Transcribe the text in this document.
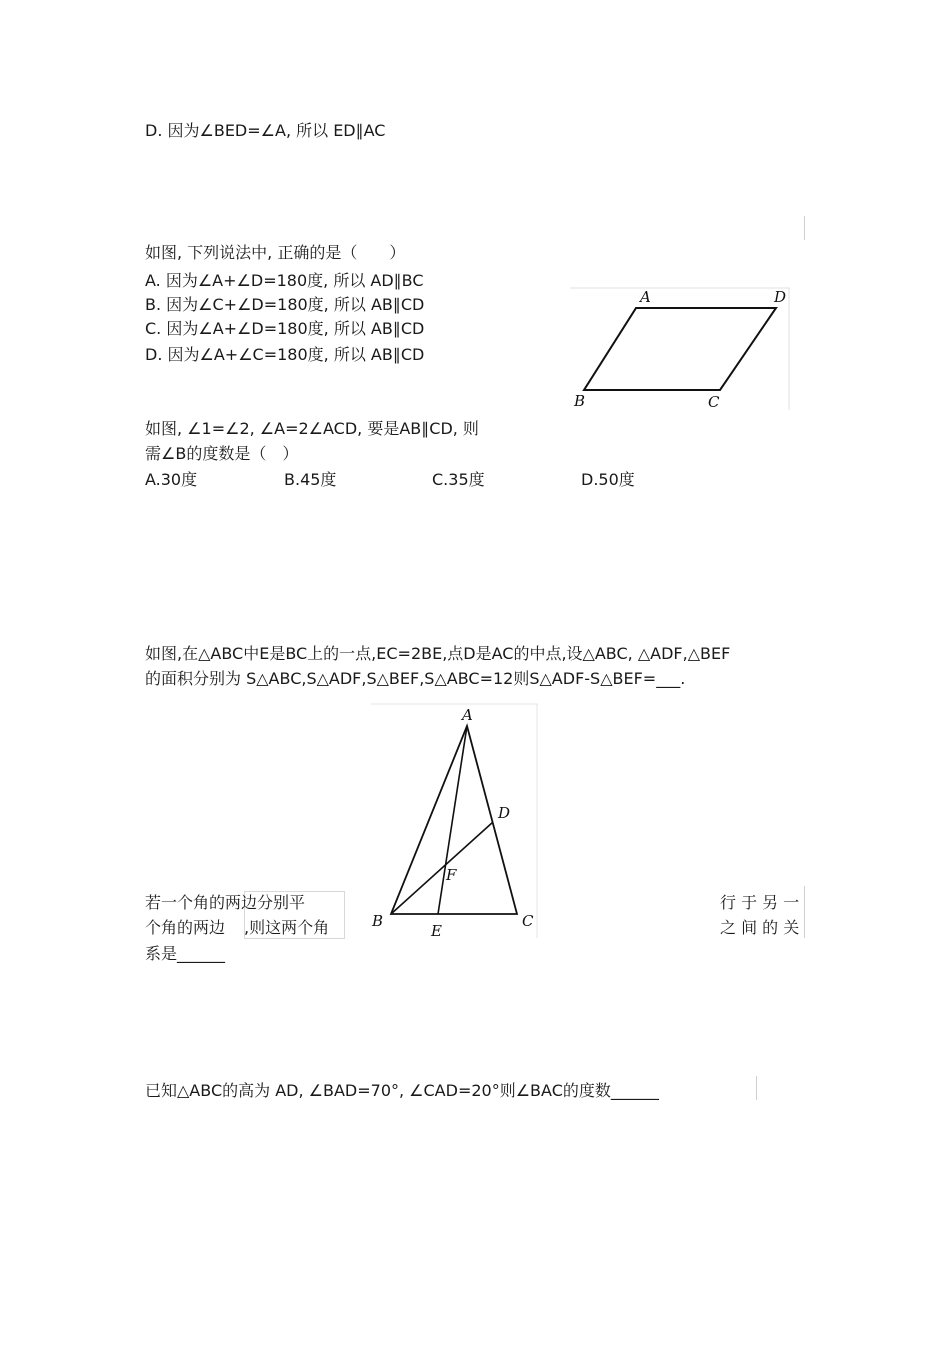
D. 因为∠BED=∠A, 所以 ED∥AC
如图, 下列说法中, 正确的是（　　）
A. 因为∠A+∠D=180度, 所以 AD∥BC
B. 因为∠C+∠D=180度, 所以 AB∥CD
C. 因为∠A+∠D=180度, 所以 AB∥CD
D. 因为∠A+∠C=180度, 所以 AB∥CD
A	D
B	C
如图, ∠1=∠2, ∠A=2∠ACD, 要是AB∥CD, 则
需∠B的度数是（　）
A.30度	B.45度	C.35度	D.50度
如图,在△ABC中E是BC上的一点,EC=2BE,点D是AC的中点,设△ABC, △ADF,△BEF
的面积分别为 S△ABC,S△ADF,S△BEF,S△ABC=12则S△ADF-S△BEF=___.
A
D
F
B
E
C
若一个角的两边分别平
个角的两边 ,则这两个角
系是______
行 于 另 一
之 间 的 关
已知△ABC的高为 AD, ∠BAD=70°, ∠CAD=20°则∠BAC的度数______
